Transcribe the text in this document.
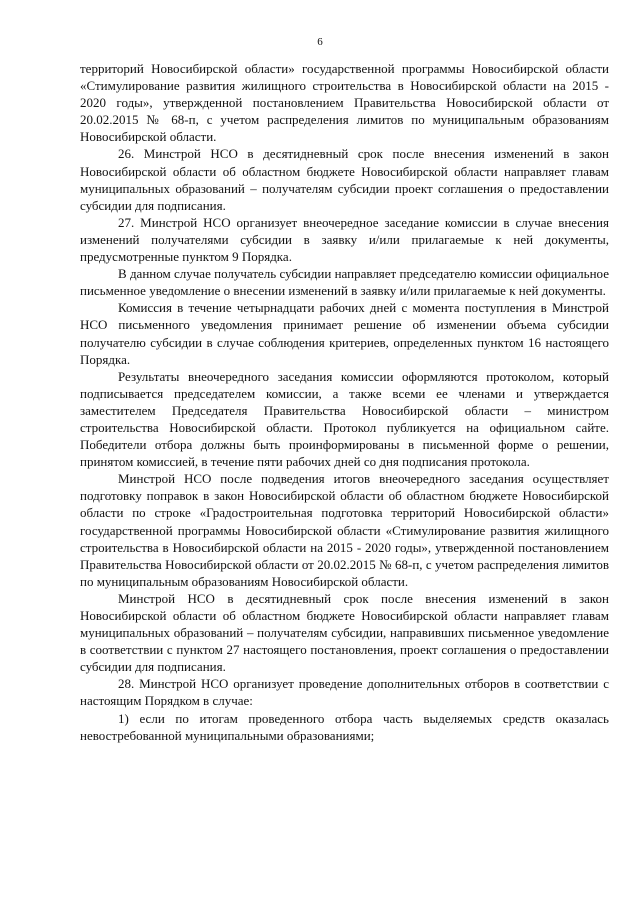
6

территорий Новосибирской области» государственной программы Новосибирской области «Стимулирование развития жилищного строительства в Новосибирской области на 2015 - 2020 годы», утвержденной постановлением Правительства Новосибирской области от 20.02.2015 № 68-п, с учетом распределения лимитов по муниципальным образованиям Новосибирской области.

26. Минстрой НСО в десятидневный срок после внесения изменений в закон Новосибирской области об областном бюджете Новосибирской области направляет главам муниципальных образований – получателям субсидии проект соглашения о предоставлении субсидии для подписания.

27. Минстрой НСО организует внеочередное заседание комиссии в случае внесения изменений получателями субсидии в заявку и/или прилагаемые к ней документы, предусмотренные пунктом 9 Порядка.

В данном случае получатель субсидии направляет председателю комиссии официальное письменное уведомление о внесении изменений в заявку и/или прилагаемые к ней документы.

Комиссия в течение четырнадцати рабочих дней с момента поступления в Минстрой НСО письменного уведомления принимает решение об изменении объема субсидии получателю субсидии в случае соблюдения критериев, определенных пунктом 16 настоящего Порядка.

Результаты внеочередного заседания комиссии оформляются протоколом, который подписывается председателем комиссии, а также всеми ее членами и утверждается заместителем Председателя Правительства Новосибирской области – министром строительства Новосибирской области. Протокол публикуется на официальном сайте. Победители отбора должны быть проинформированы в письменной форме о решении, принятом комиссией, в течение пяти рабочих дней со дня подписания протокола.

Минстрой НСО после подведения итогов внеочередного заседания осуществляет подготовку поправок в закон Новосибирской области об областном бюджете Новосибирской области по строке «Градостроительная подготовка территорий Новосибирской области» государственной программы Новосибирской области «Стимулирование развития жилищного строительства в Новосибирской области на 2015 - 2020 годы», утвержденной постановлением Правительства Новосибирской области от 20.02.2015 № 68-п, с учетом распределения лимитов по муниципальным образованиям Новосибирской области.

Минстрой НСО в десятидневный срок после внесения изменений в закон Новосибирской области об областном бюджете Новосибирской области направляет главам муниципальных образований – получателям субсидии, направивших письменное уведомление в соответствии с пунктом 27 настоящего постановления, проект соглашения о предоставлении субсидии для подписания.

28. Минстрой НСО организует проведение дополнительных отборов в соответствии с настоящим Порядком в случае:

1) если по итогам проведенного отбора часть выделяемых средств оказалась невостребованной муниципальными образованиями;
